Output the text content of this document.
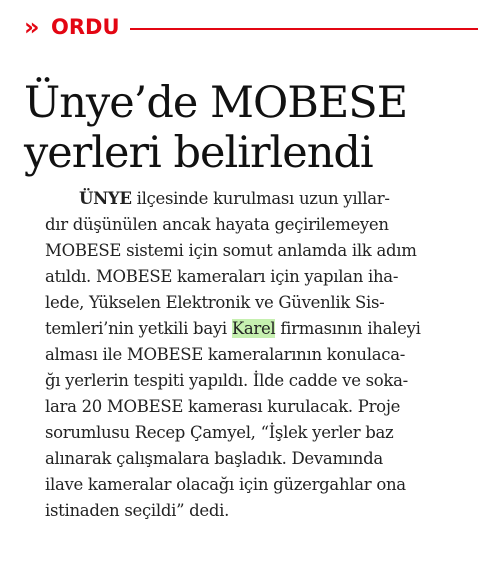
» ORDU
Ünye’de MOBESE
yerleri belirlendi
ÜNYE ilçesinde kurulması uzun yıllar-
dır düşünülen ancak hayata geçirilemeyen
MOBESE sistemi için somut anlamda ilk adım
atıldı. MOBESE kameraları için yapılan iha-
lede, Yükselen Elektronik ve Güvenlik Sis-
temleri’nin yetkili bayi Karel firmasının ihaleyi
alması ile MOBESE kameralarının konulaca-
ğı yerlerin tespiti yapıldı. İlde cadde ve soka-
lara 20 MOBESE kamerası kurulacak. Proje
sorumlusu Recep Çamyel, “İşlek yerler baz
alınarak çalışmalara başladık. Devamında
ilave kameralar olacağı için güzergahlar ona
istinaden seçildi” dedi.
